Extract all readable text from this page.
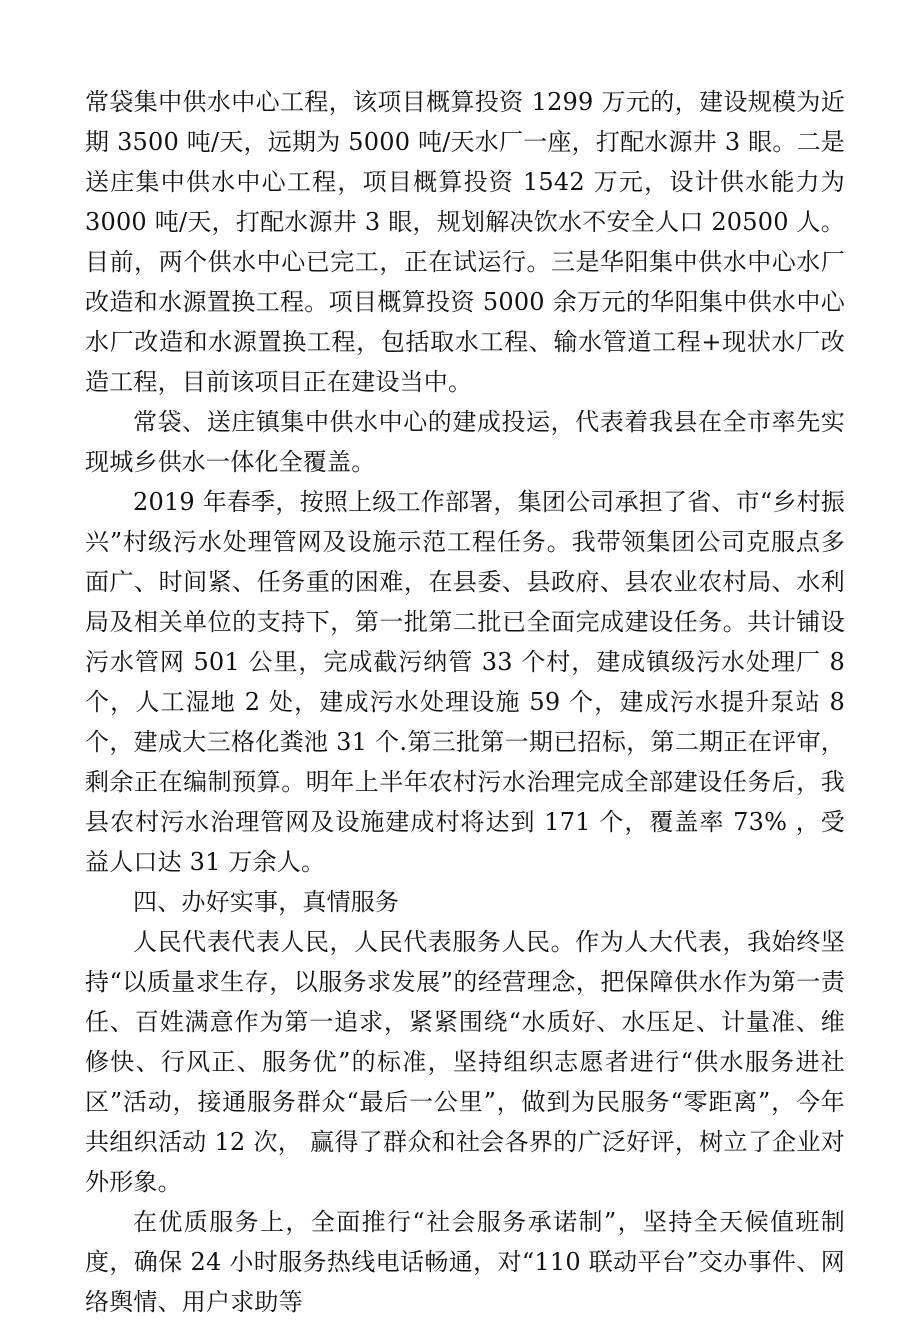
常袋集中供水中心工程，该项目概算投资 1299 万元的，建设规模为近期 3500 吨/天，远期为 5000 吨/天水厂一座，打配水源井 3 眼。二是送庄集中供水中心工程，项目概算投资 1542 万元，设计供水能力为 3000 吨/天，打配水源井 3 眼，规划解决饮水不安全人口 20500 人。目前，两个供水中心已完工，正在试运行。三是华阳集中供水中心水厂改造和水源置换工程。项目概算投资 5000 余万元的华阳集中供水中心水厂改造和水源置换工程，包括取水工程、输水管道工程+现状水厂改造工程，目前该项目正在建设当中。

常袋、送庄镇集中供水中心的建成投运，代表着我县在全市率先实现城乡供水一体化全覆盖。

2019 年春季，按照上级工作部署，集团公司承担了省、市“乡村振兴”村级污水处理管网及设施示范工程任务。我带领集团公司克服点多面广、时间紧、任务重的困难，在县委、县政府、县农业农村局、水利局及相关单位的支持下，第一批第二批已全面完成建设任务。共计铺设污水管网 501 公里，完成截污纳管 33 个村，建成镇级污水处理厂 8 个，人工湿地 2 处，建成污水处理设施 59 个，建成污水提升泵站 8 个，建成大三格化粪池 31 个.第三批第一期已招标，第二期正在评审，剩余正在编制预算。明年上半年农村污水治理完成全部建设任务后，我县农村污水治理管网及设施建成村将达到 171 个，覆盖率 73% ，受益人口达 31 万余人。

四、办好实事，真情服务

人民代表代表人民，人民代表服务人民。作为人大代表，我始终坚持“以质量求生存，以服务求发展”的经营理念，把保障供水作为第一责任、百姓满意作为第一追求，紧紧围绕“水质好、水压足、计量准、维修快、行风正、服务优”的标准，坚持组织志愿者进行“供水服务进社区”活动，接通服务群众“最后一公里”，做到为民服务“零距离”，今年共组织活动 12 次， 赢得了群众和社会各界的广泛好评，树立了企业对外形象。

在优质服务上，全面推行“社会服务承诺制”，坚持全天候值班制度，确保 24 小时服务热线电话畅通，对“110 联动平台”交办事件、网络舆情、用户求助等
